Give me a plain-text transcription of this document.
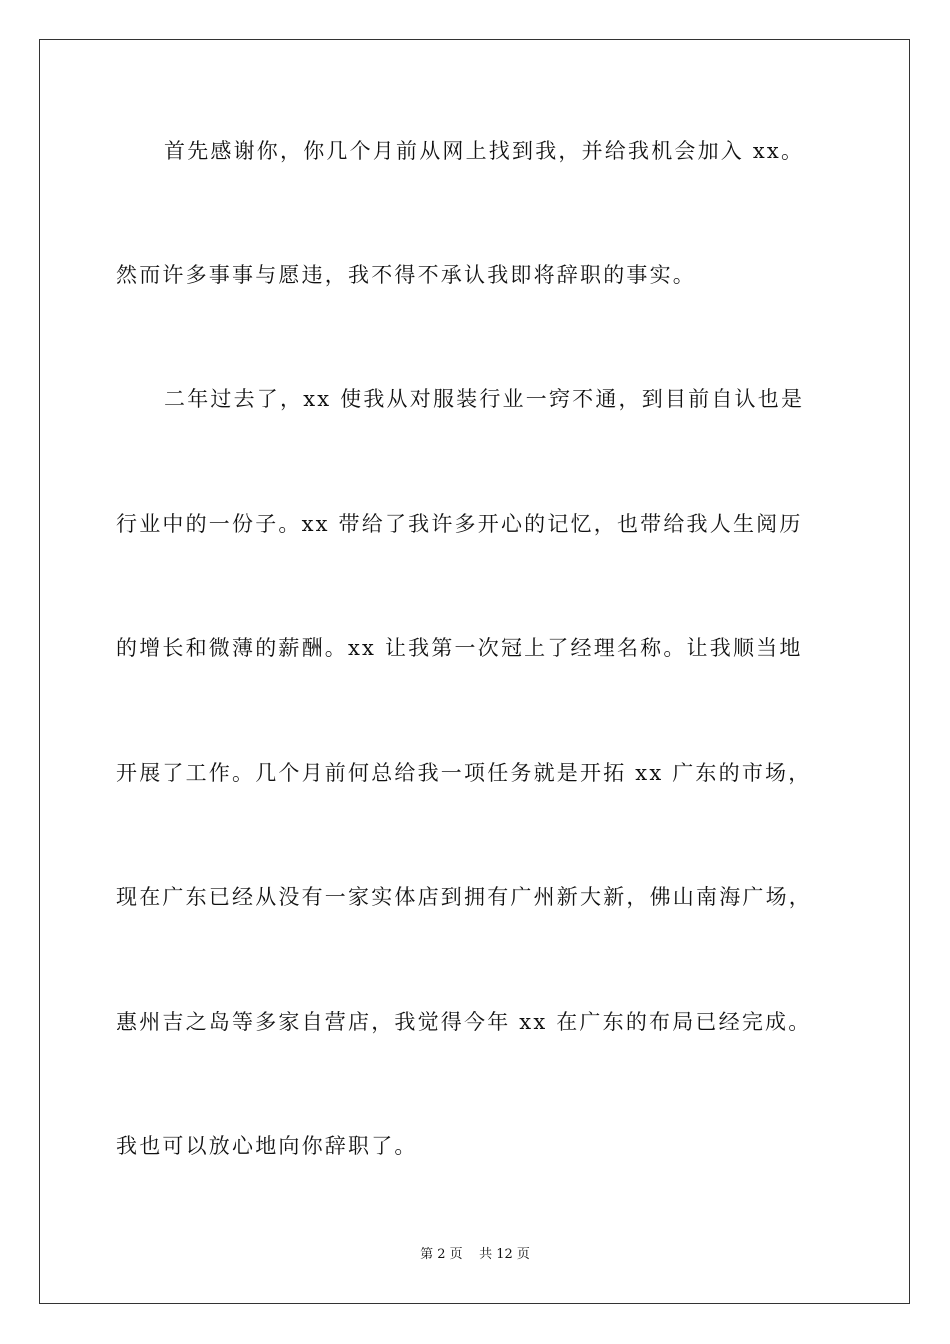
首先感谢你，你几个月前从网上找到我，并给我机会加入 xx。
然而许多事事与愿违，我不得不承认我即将辞职的事实。
二年过去了，xx 使我从对服装行业一窍不通，到目前自认也是
行业中的一份子。xx 带给了我许多开心的记忆，也带给我人生阅历
的增长和微薄的薪酬。xx 让我第一次冠上了经理名称。让我顺当地
开展了工作。几个月前何总给我一项任务就是开拓 xx 广东的市场，
现在广东已经从没有一家实体店到拥有广州新大新，佛山南海广场，
惠州吉之岛等多家自营店，我觉得今年 xx 在广东的布局已经完成。
我也可以放心地向你辞职了。
第 2 页    共 12 页
